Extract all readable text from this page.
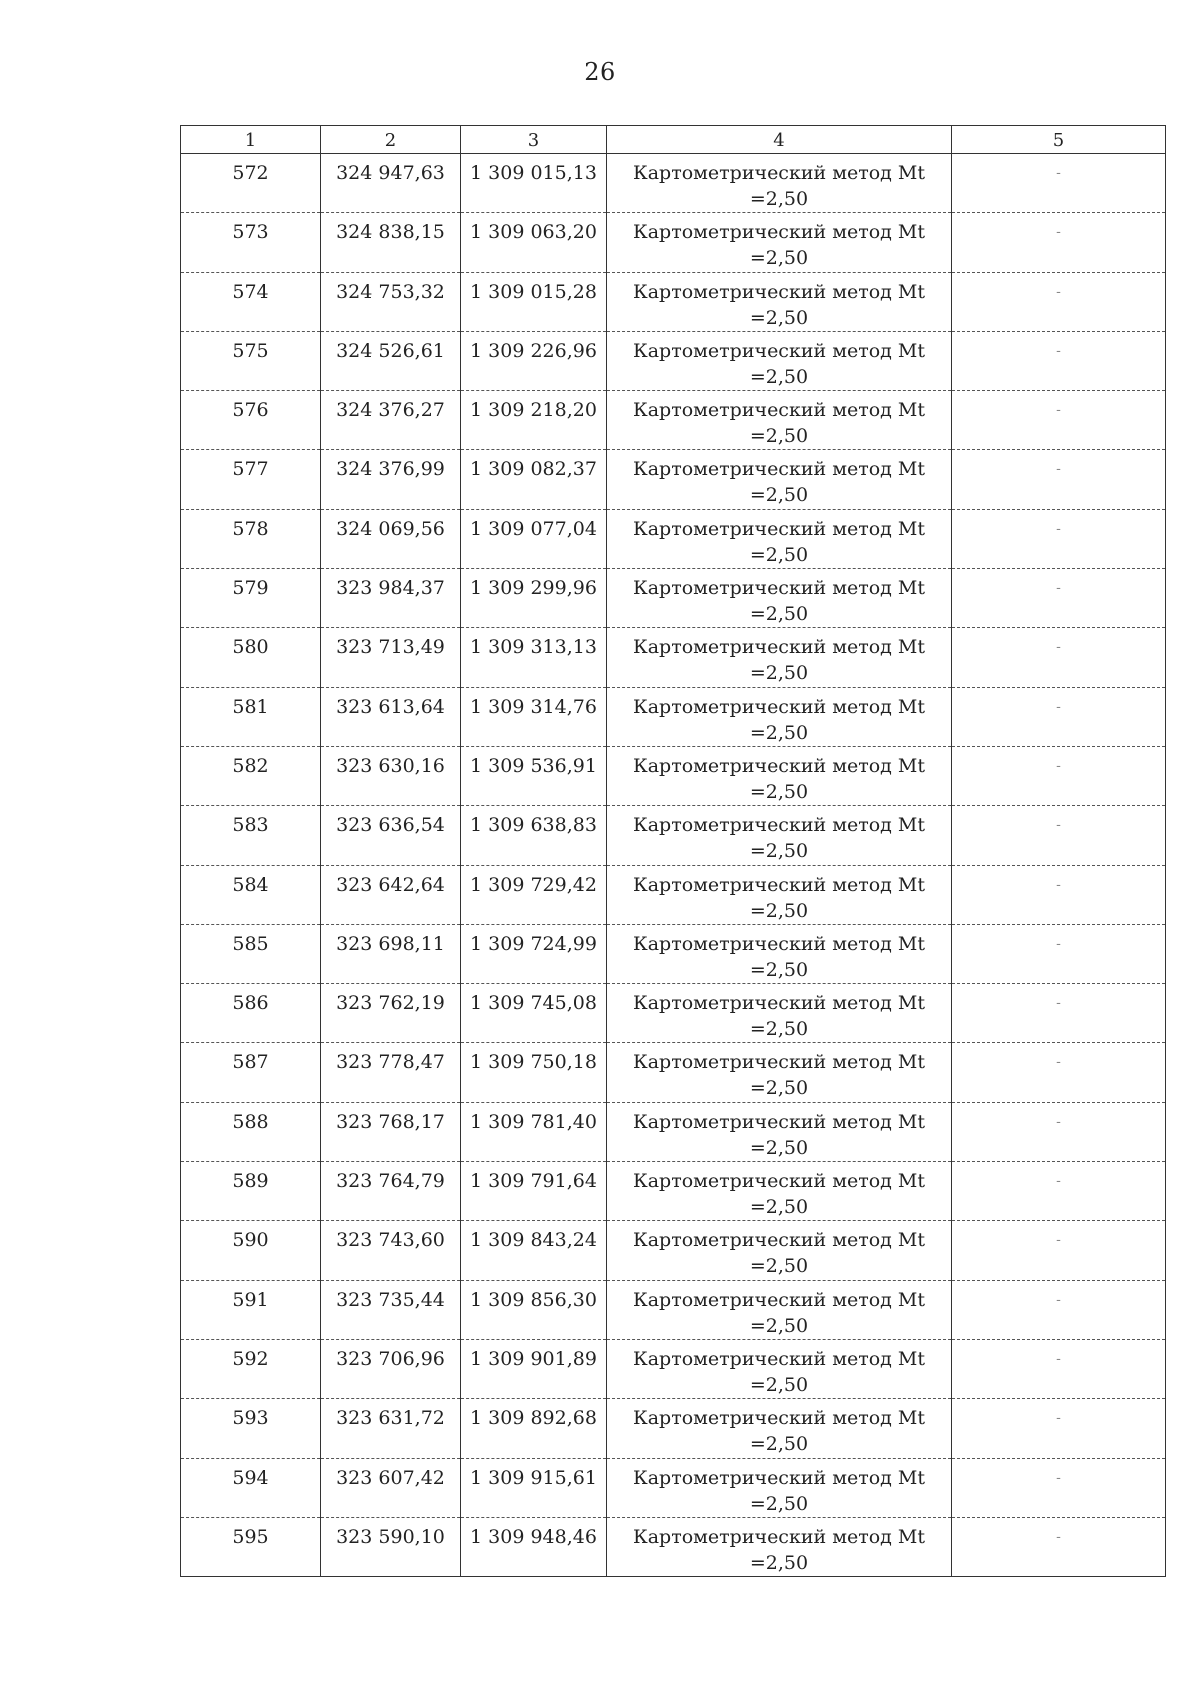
26
1	2	3	4	5
572	324 947,63	1 309 015,13	Картометрический метод Mt
=2,50	-
573	324 838,15	1 309 063,20	Картометрический метод Mt
=2,50	-
574	324 753,32	1 309 015,28	Картометрический метод Mt
=2,50	-
575	324 526,61	1 309 226,96	Картометрический метод Mt
=2,50	-
576	324 376,27	1 309 218,20	Картометрический метод Mt
=2,50	-
577	324 376,99	1 309 082,37	Картометрический метод Mt
=2,50	-
578	324 069,56	1 309 077,04	Картометрический метод Mt
=2,50	-
579	323 984,37	1 309 299,96	Картометрический метод Mt
=2,50	-
580	323 713,49	1 309 313,13	Картометрический метод Mt
=2,50	-
581	323 613,64	1 309 314,76	Картометрический метод Mt
=2,50	-
582	323 630,16	1 309 536,91	Картометрический метод Mt
=2,50	-
583	323 636,54	1 309 638,83	Картометрический метод Mt
=2,50	-
584	323 642,64	1 309 729,42	Картометрический метод Mt
=2,50	-
585	323 698,11	1 309 724,99	Картометрический метод Mt
=2,50	-
586	323 762,19	1 309 745,08	Картометрический метод Mt
=2,50	-
587	323 778,47	1 309 750,18	Картометрический метод Mt
=2,50	-
588	323 768,17	1 309 781,40	Картометрический метод Mt
=2,50	-
589	323 764,79	1 309 791,64	Картометрический метод Mt
=2,50	-
590	323 743,60	1 309 843,24	Картометрический метод Mt
=2,50	-
591	323 735,44	1 309 856,30	Картометрический метод Mt
=2,50	-
592	323 706,96	1 309 901,89	Картометрический метод Mt
=2,50	-
593	323 631,72	1 309 892,68	Картометрический метод Mt
=2,50	-
594	323 607,42	1 309 915,61	Картометрический метод Mt
=2,50	-
595	323 590,10	1 309 948,46	Картометрический метод Mt
=2,50	-
